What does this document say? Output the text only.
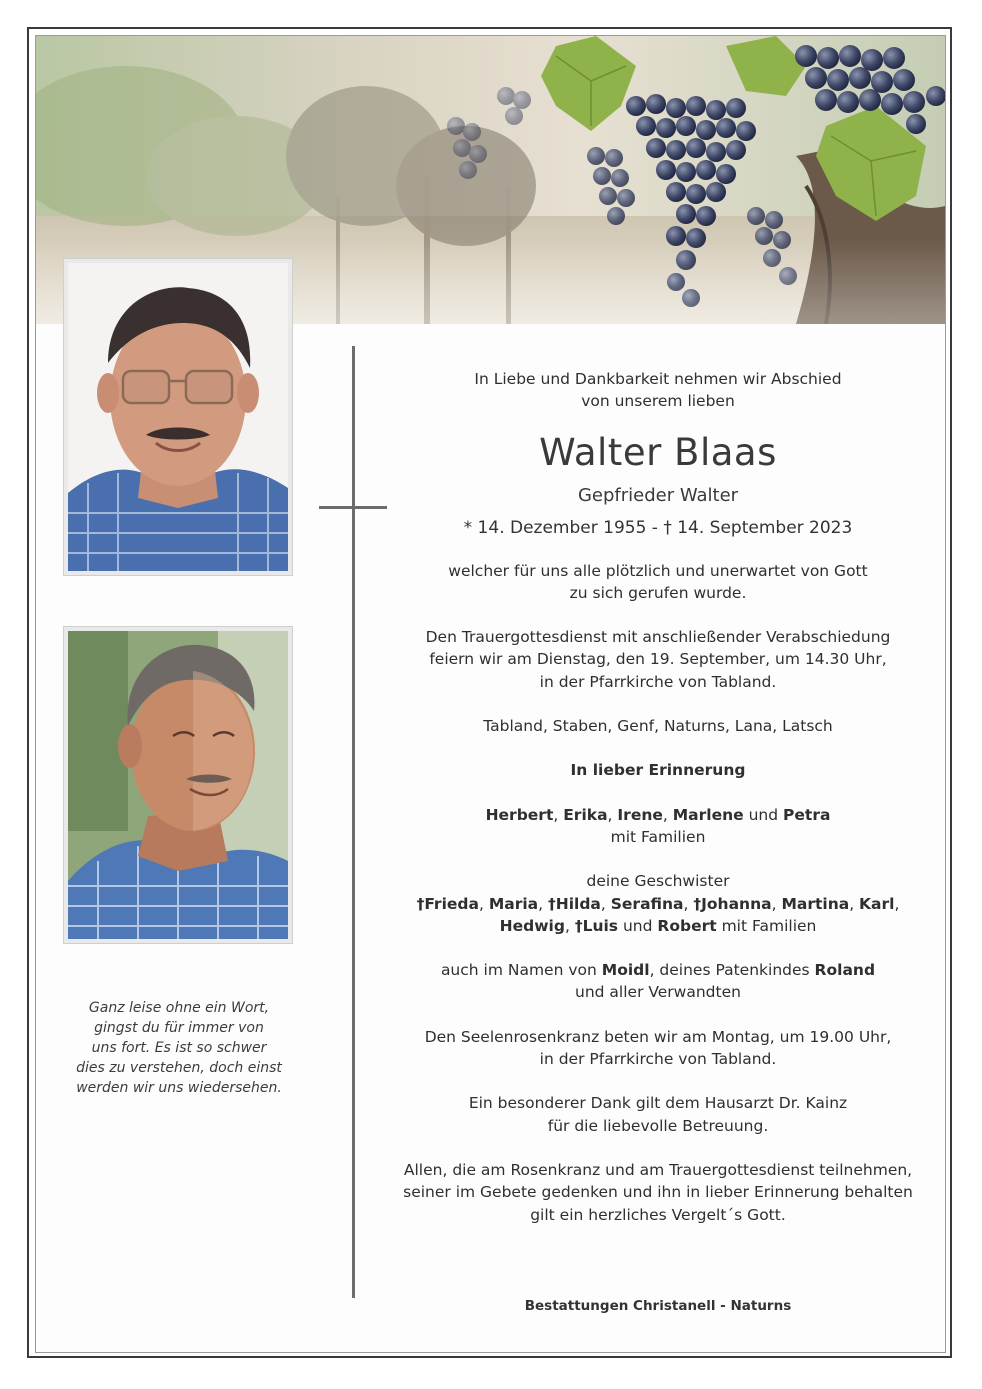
Ganz leise ohne ein Wort,
gingst du für immer von
uns fort. Es ist so schwer
dies zu verstehen, doch einst
werden wir uns wiedersehen.
In Liebe und Dankbarkeit nehmen wir Abschied
von unserem lieben
Walter Blaas
Gepfrieder Walter
* 14. Dezember 1955 - † 14. September 2023
welcher für uns alle plötzlich und unerwartet von Gott
zu sich gerufen wurde.
Den Trauergottesdienst mit anschließender Verabschiedung
feiern wir am Dienstag, den 19. September, um 14.30 Uhr,
in der Pfarrkirche von Tabland.
Tabland, Staben, Genf, Naturns, Lana, Latsch
In lieber Erinnerung
Herbert, Erika, Irene, Marlene und Petra
mit Familien
deine Geschwister
†Frieda, Maria, †Hilda, Serafina, †Johanna, Martina, Karl,
Hedwig, †Luis und Robert mit Familien
auch im Namen von Moidl, deines Patenkindes Roland
und aller Verwandten
Den Seelenrosenkranz beten wir am Montag, um 19.00 Uhr,
in der Pfarrkirche von Tabland.
Ein besonderer Dank gilt dem Hausarzt Dr. Kainz
für die liebevolle Betreuung.
Allen, die am Rosenkranz und am Trauergottesdienst teilnehmen,
seiner im Gebete gedenken und ihn in lieber Erinnerung behalten
gilt ein herzliches Vergelt´s Gott.
Bestattungen Christanell - Naturns
